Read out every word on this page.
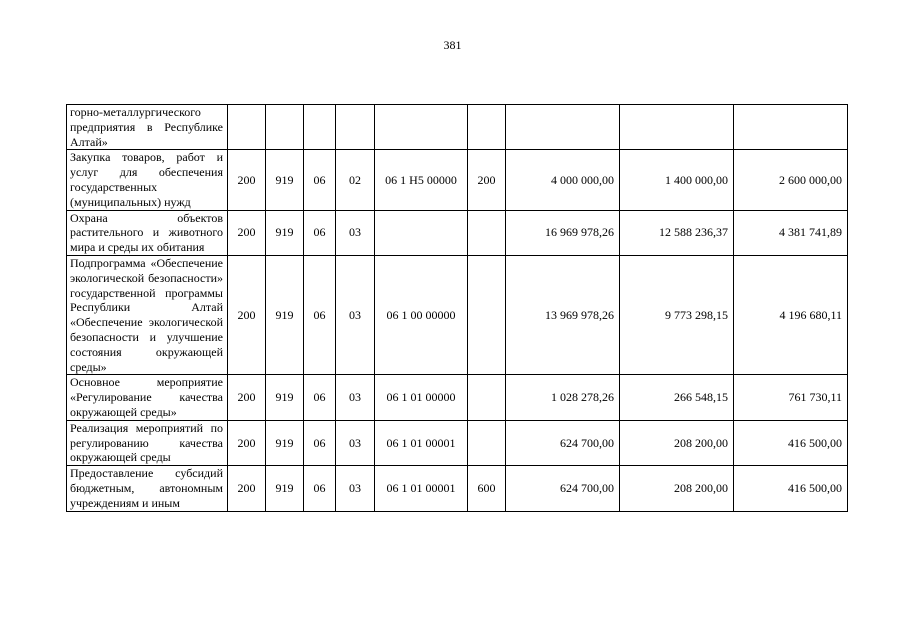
381
горно-металлургического предприятия в Республике Алтай»									
Закупка товаров, работ и услуг для обеспечения государственных (муниципальных) нужд	200	919	06	02	06 1 Н5 00000	200	4 000 000,00	1 400 000,00	2 600 000,00
Охрана объектов растительного и животного мира и среды их обитания	200	919	06	03			16 969 978,26	12 588 236,37	4 381 741,89
Подпрограмма «Обеспечение экологической безопасности» государственной программы Республики Алтай «Обеспечение экологической безопасности и улучшение состояния окружающей среды»	200	919	06	03	06 1 00 00000		13 969 978,26	9 773 298,15	4 196 680,11
Основное мероприятие «Регулирование качества окружающей среды»	200	919	06	03	06 1 01 00000		1 028 278,26	266 548,15	761 730,11
Реализация мероприятий по регулированию качества окружающей среды	200	919	06	03	06 1 01 00001		624 700,00	208 200,00	416 500,00
Предоставление субсидий бюджетным, автономным учреждениям и иным	200	919	06	03	06 1 01 00001	600	624 700,00	208 200,00	416 500,00
